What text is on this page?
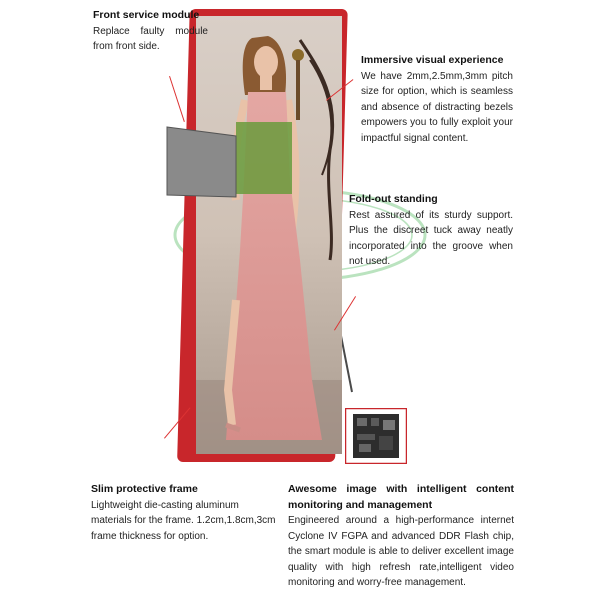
Front service module
Replace faulty module from front side.
Immersive visual experience
We have 2mm,2.5mm,3mm pitch size for option, which is seamless and absence of distracting bezels empowers you to fully exploit your impactful signal content.
Fold-out standing
Rest assured of its sturdy support. Plus the discreet tuck away neatly incorporated into the groove when not used.
Slim protective frame
Lightweight die-casting aluminum materials for the frame. 1.2cm,1.8cm,3cm frame thickness for option.
Awesome image with intelligent content monitoring and management
Engineered around a high-performance internet Cyclone IV FGPA and advanced DDR Flash chip, the smart module is able to deliver excellent image quality with high refresh rate,intelligent video monitoring and worry-free management.
